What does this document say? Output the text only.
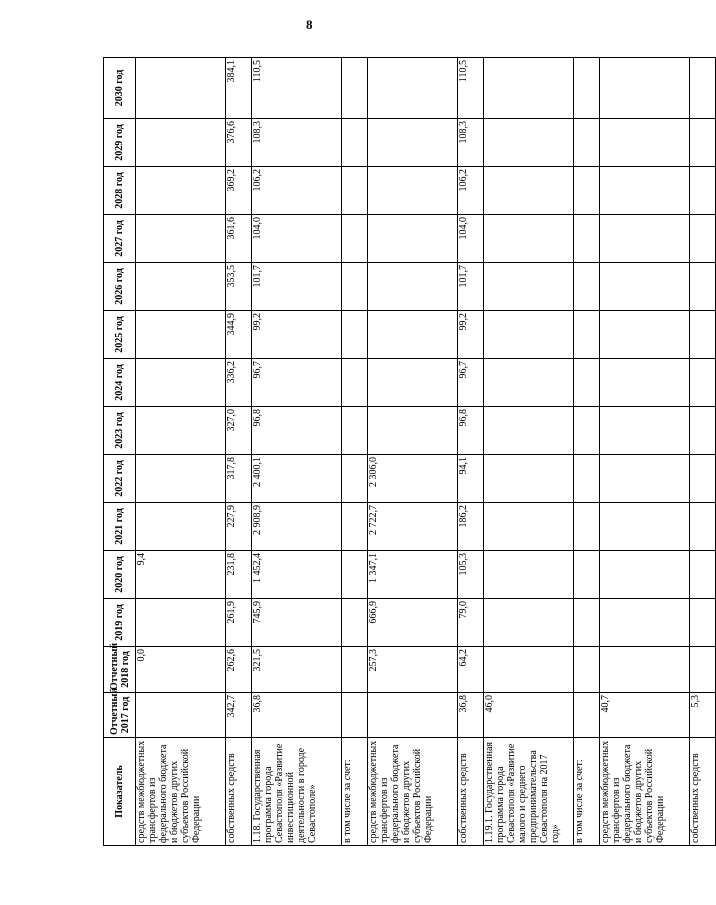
8
Показатель	Отчетный 2017 год	Отчетный 2018 год	2019 год	2020 год	2021 год	2022 год	2023 год	2024 год	2025 год	2026 год	2027 год	2028 год	2029 год	2030 год
средств межбюджетных трансфертов из федерального бюджета и бюджетов других субъектов Российской Федерации		0,0		9,4										
собственных средств	342,7	262,6	261,9	231,8	227,9	317,8	327,0	336,2	344,9	353,5	361,6	369,2	376,6	384,1
1.18. Государственная программа города Севастополя «Развитие инвестиционной деятельности в городе Севастополе»	36,8	321,5	745,9	1 452,4	2 908,9	2 400,1	96,8	96,7	99,2	101,7	104,0	106,2	108,3	110,5
в том числе за счет:														
средств межбюджетных трансфертов из федерального бюджета и бюджетов других субъектов Российской Федерации		257,3	666,9	1 347,1	2 722,7	2 306,0								
собственных средств	36,8	64,2	79,0	105,3	186,2	94,1	96,8	96,7	99,2	101,7	104,0	106,2	108,3	110,5
1.19.1. Государственная программа города Севастополя «Развитие малого и среднего предпринимательства Севастополя на 2017 год»	46,0													
в том числе за счет:														
средств межбюджетных трансфертов из федерального бюджета и бюджетов других субъектов Российской Федерации	40,7													
собственных средств	5,3													
